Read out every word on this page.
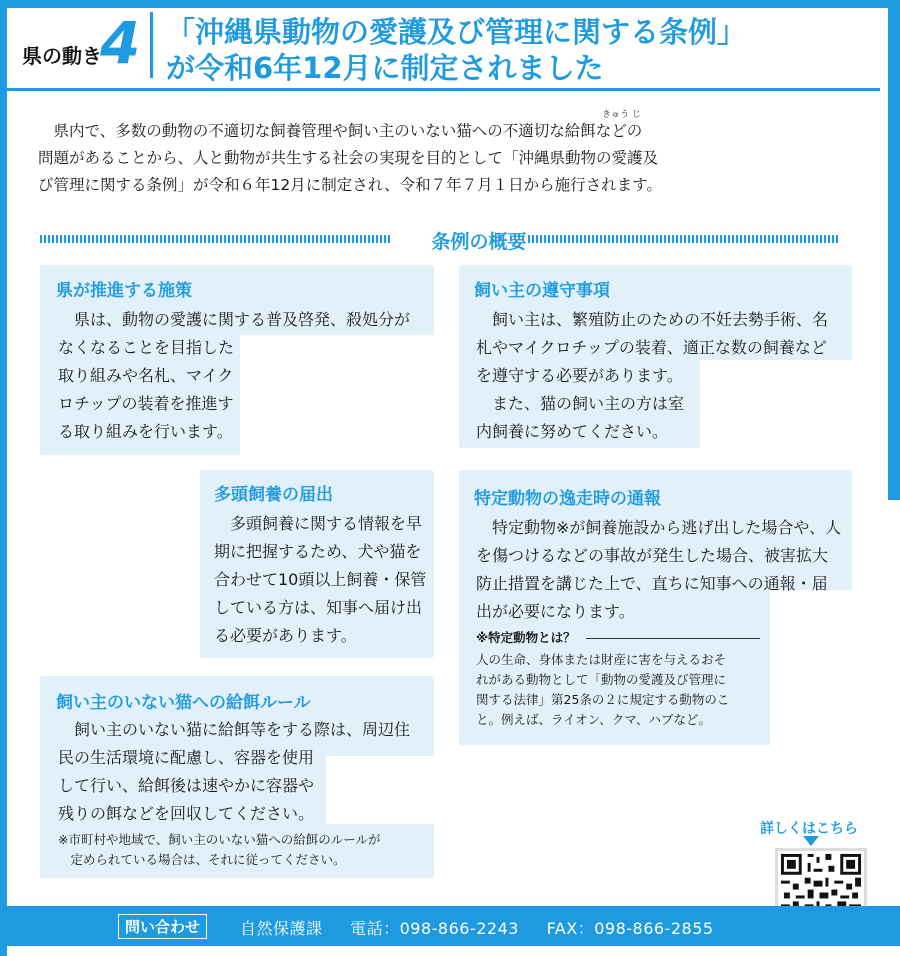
県の動き
4 「沖縄県動物の愛護及び管理に関する条例」
が令和6年12月に制定されました
きゅう じ
県内で、多数の動物の不適切な飼養管理や飼い主のいない猫への不適切な給餌などの
問題があることから、人と動物が共生する社会の実現を目的として「沖縄県動物の愛護及
び管理に関する条例」が令和６年12月に制定され、令和７年７月１日から施行されます。
条例の概要
県が推進する施策
県は、動物の愛護に関する普及啓発、殺処分が
なくなることを目指した
取り組みや名札、マイク
ロチップの装着を推進す
る取り組みを行います。
飼い主の遵守事項
飼い主は、繁殖防止のための不妊去勢手術、名
札やマイクロチップの装着、適正な数の飼養など
を遵守する必要があります。
また、猫の飼い主の方は室
内飼養に努めてください。
多頭飼養の届出
多頭飼養に関する情報を早
期に把握するため、犬や猫を
合わせて10頭以上飼養・保管
している方は、知事へ届け出
る必要があります。
特定動物の逸走時の通報
特定動物※が飼養施設から逃げ出した場合や、人
を傷つけるなどの事故が発生した場合、被害拡大
防止措置を講じた上で、直ちに知事への通報・届
出が必要になります。
※特定動物とは？
人の生命、身体または財産に害を与えるおそ
れがある動物として「動物の愛護及び管理に
関する法律」第25条の２に規定する動物のこ
と。例えば、ライオン、クマ、ハブなど。
飼い主のいない猫への給餌ルール
飼い主のいない猫に給餌等をする際は、周辺住
民の生活環境に配慮し、容器を使用
して行い、給餌後は速やかに容器や
残りの餌などを回収してください。
※市町村や地域で、飼い主のいない猫への給餌のルールが
　定められている場合は、それに従ってください。
詳しくはこちら
問い合わせ	自然保護課 電話：098-866-2243 FAX：098-866-2855
